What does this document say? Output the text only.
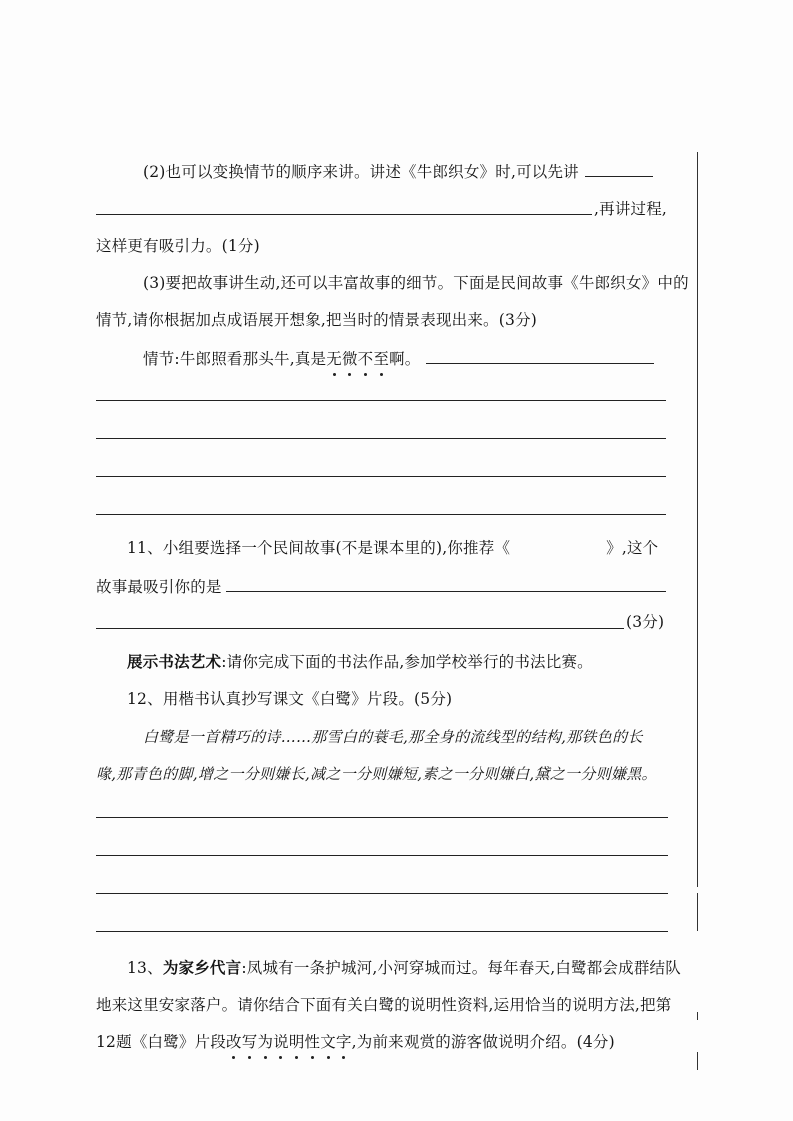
(2)也可以变换情节的顺序来讲。讲述《牛郎织女》时,可以先讲
,再讲过程,
这样更有吸引力。(1分)
(3)要把故事讲生动,还可以丰富故事的细节。下面是民间故事《牛郎织女》中的
情节,请你根据加点成语展开想象,把当时的情景表现出来。(3分)
情节:牛郎照看那头牛,真是无微不至啊。
11、小组要选择一个民间故事(不是课本里的),你推荐《	》,这个
故事最吸引你的是
(3分)
展示书法艺术:请你完成下面的书法作品,参加学校举行的书法比赛。
12、用楷书认真抄写课文《白鹭》片段。(5分)
白鹭是一首精巧的诗……那雪白的蓑毛,那全身的流线型的结构,那铁色的长
喙,那青色的脚,增之一分则嫌长,减之一分则嫌短,素之一分则嫌白,黛之一分则嫌黑。
13、为家乡代言:凤城有一条护城河,小河穿城而过。每年春天,白鹭都会成群结队
地来这里安家落户。请你结合下面有关白鹭的说明性资料,运用恰当的说明方法,把第
12题《白鹭》片段改写为说明性文字,为前来观赏的游客做说明介绍。(4分)
